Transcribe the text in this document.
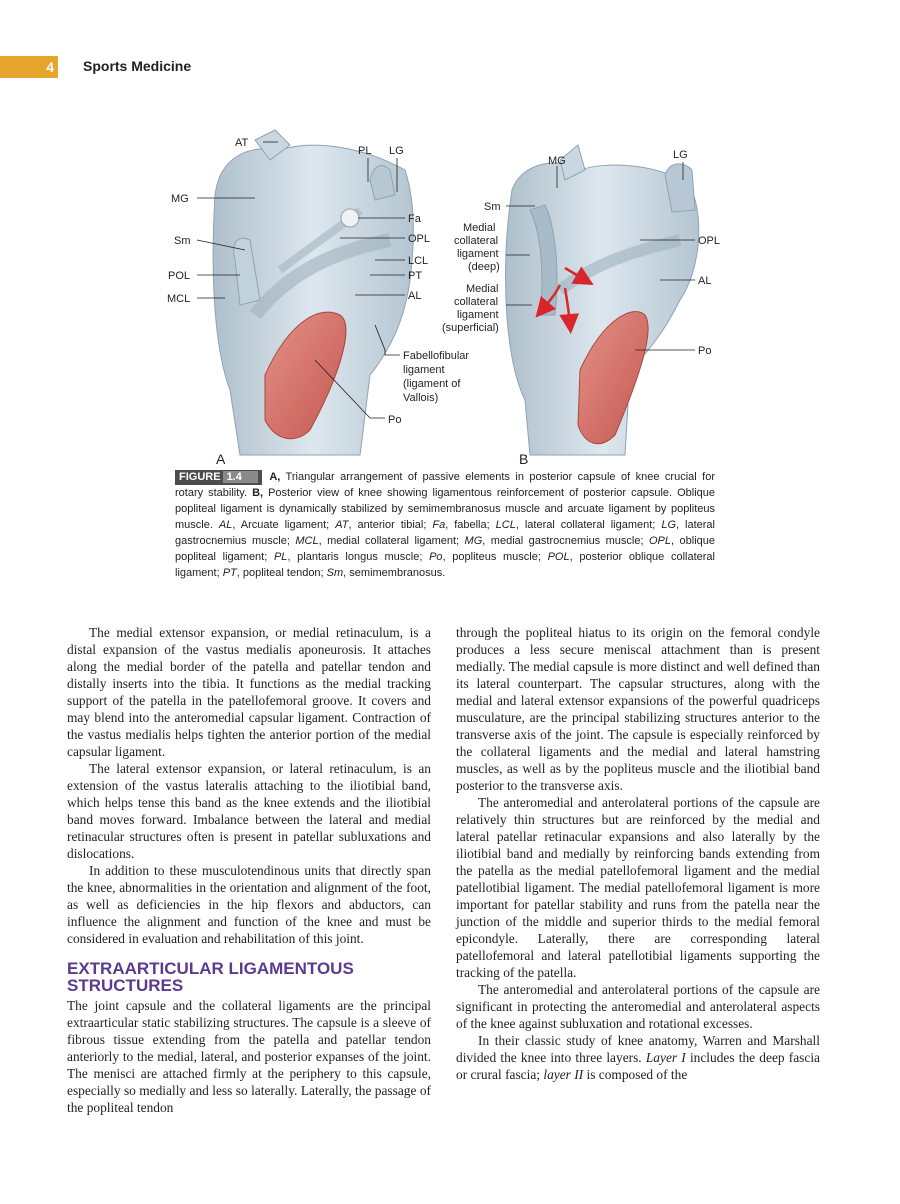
4 Sports Medicine
AT
PL LG
MG
Fa
OPL
Sm
LCL
POL	PT
MCL	AL
Fabellofibular
ligament
(ligament of
Vallois)
Po
A
MG	LG
Sm
Medial
collateral
ligament
(deep)
OPL
AL
Medial
collateral
ligament
(superficial)
Po
B
FIGURE 1.4 A, Triangular arrangement of passive elements in posterior capsule of knee crucial for rotary stability. B, Posterior view of knee showing ligamentous reinforcement of posterior capsule. Oblique popliteal ligament is dynamically stabilized by semimembranosus muscle and arcuate ligament by popliteus muscle. AL, Arcuate ligament; AT, anterior tibial; Fa, fabella; LCL, lateral collateral ligament; LG, lateral gastrocnemius muscle; MCL, medial collateral ligament; MG, medial gastrocnemius muscle; OPL, oblique popliteal ligament; PL, plantaris longus muscle; Po, popliteus muscle; POL, posterior oblique collateral ligament; PT, popliteal tendon; Sm, semimembranosus.

The medial extensor expansion, or medial retinaculum, is a distal expansion of the vastus medialis aponeurosis. It attaches along the medial border of the patella and patellar tendon and distally inserts into the tibia. It functions as the medial tracking support of the patella in the patellofemoral groove. It covers and may blend into the anteromedial capsular ligament. Contraction of the vastus medialis helps tighten the anterior portion of the medial capsular ligament.

The lateral extensor expansion, or lateral retinaculum, is an extension of the vastus lateralis attaching to the iliotibial band, which helps tense this band as the knee extends and the iliotibial band moves forward. Imbalance between the lateral and medial retinacular structures often is present in patellar subluxations and dislocations.

In addition to these musculotendinous units that directly span the knee, abnormalities in the orientation and alignment of the foot, as well as deficiencies in the hip flexors and abductors, can influence the alignment and function of the knee and must be considered in evaluation and rehabilitation of this joint.

EXTRAARTICULAR LIGAMENTOUS STRUCTURES

The joint capsule and the collateral ligaments are the principal extraarticular static stabilizing structures. The capsule is a sleeve of fibrous tissue extending from the patella and patellar tendon anteriorly to the medial, lateral, and posterior expanses of the joint. The menisci are attached firmly at the periphery to this capsule, especially so medially and less so laterally. Laterally, the passage of the popliteal tendon

through the popliteal hiatus to its origin on the femoral condyle produces a less secure meniscal attachment than is present medially. The medial capsule is more distinct and well defined than its lateral counterpart. The capsular structures, along with the medial and lateral extensor expansions of the powerful quadriceps musculature, are the principal stabilizing structures anterior to the transverse axis of the joint. The capsule is especially reinforced by the collateral ligaments and the medial and lateral hamstring muscles, as well as by the popliteus muscle and the iliotibial band posterior to the transverse axis.

The anteromedial and anterolateral portions of the capsule are relatively thin structures but are reinforced by the medial and lateral patellar retinacular expansions and also laterally by the iliotibial band and medially by reinforcing bands extending from the patella as the medial patellofemoral ligament and the medial patellotibial ligament. The medial patellofemoral ligament is more important for patellar stability and runs from the patella near the junction of the middle and superior thirds to the medial femoral epicondyle. Laterally, there are corresponding lateral patellofemoral and lateral patellotibial ligaments supporting the tracking of the patella.

The anteromedial and anterolateral portions of the capsule are significant in protecting the anteromedial and anterolateral aspects of the knee against subluxation and rotational excesses.

In their classic study of knee anatomy, Warren and Marshall divided the knee into three layers. Layer I includes the deep fascia or crural fascia; layer II is composed of the
